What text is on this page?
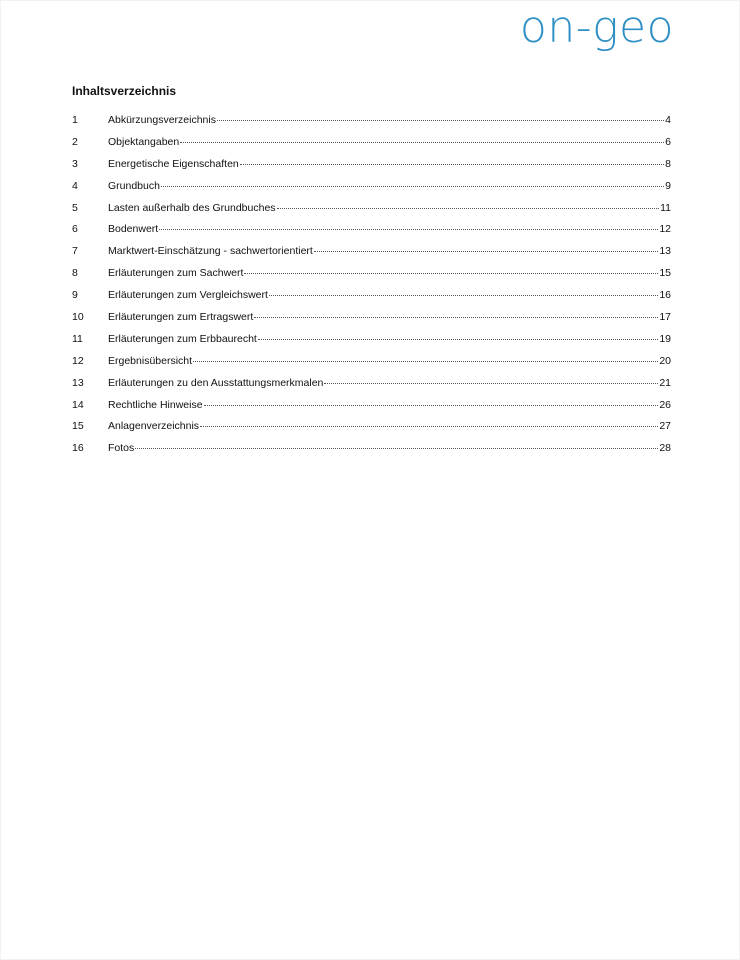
on-geo
Inhaltsverzeichnis
1	Abkürzungsverzeichnis	4
2	Objektangaben	6
3	Energetische Eigenschaften	8
4	Grundbuch	9
5	Lasten außerhalb des Grundbuches	11
6	Bodenwert	12
7	Marktwert-Einschätzung - sachwertorientiert	13
8	Erläuterungen zum Sachwert	15
9	Erläuterungen zum Vergleichswert	16
10	Erläuterungen zum Ertragswert	17
11	Erläuterungen zum Erbbaurecht	19
12	Ergebnisübersicht	20
13	Erläuterungen zu den Ausstattungsmerkmalen	21
14	Rechtliche Hinweise	26
15	Anlagenverzeichnis	27
16	Fotos	28
